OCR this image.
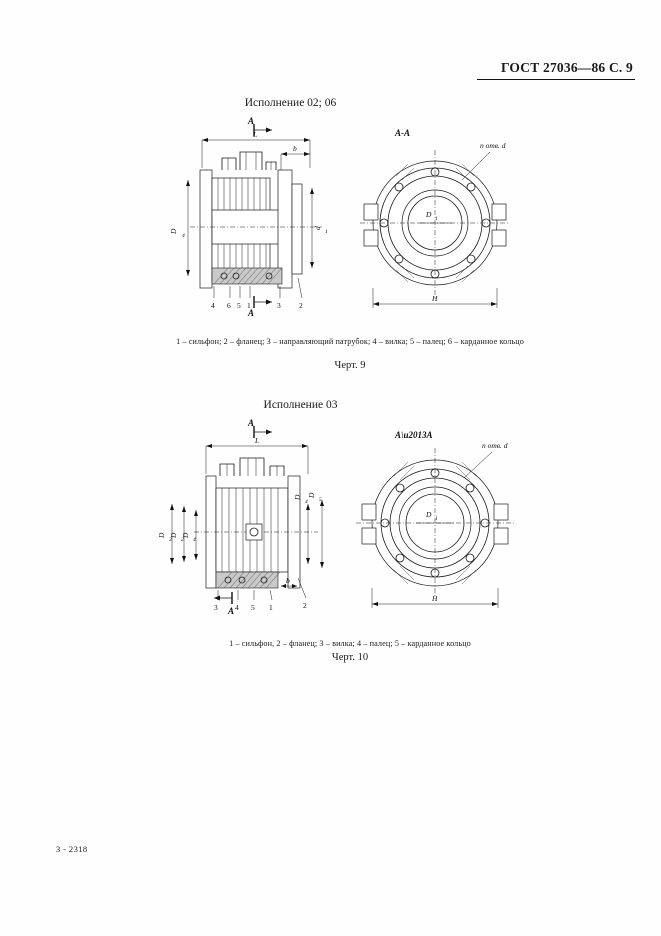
ГОСТ 27036—86 С. 9
Исполнение 02; 06
A
A
L
b
D
4
d
1
4 6 5 1	3 2
A-A
D 1
n отв. d
H
1 – сильфон; 2 – фланец; 3 – направляющий патрубок; 4 – вилка; 5 – палец; 6 – карданное кольцо
Черт. 9
Исполнение 03
A
A
L
D
3
D
2
D
4
D
4
D
5
b
3 4 5 1	2
A\u2013A
D 1
n отв. d
H
1 – сильфон, 2 – фланец; 3 – вилка; 4 – палец; 5 – карданное кольцо
Черт. 10
3 - 2318
